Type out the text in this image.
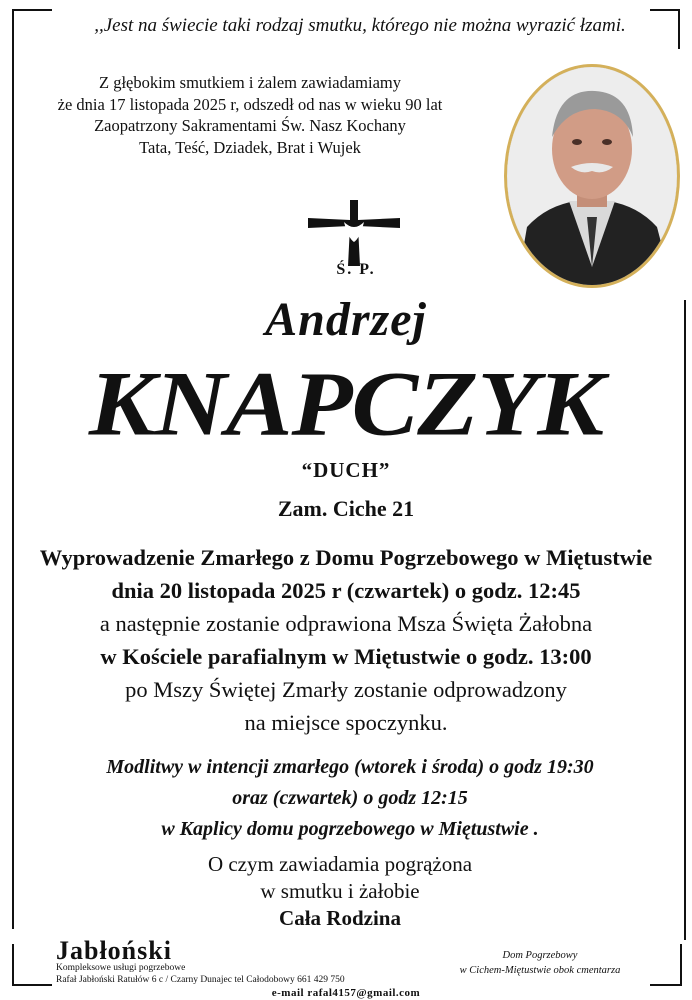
,,Jest na świecie taki rodzaj smutku, którego nie można wyrazić łzami.
Z głębokim smutkiem i żalem zawiadamiamy
że dnia 17 listopada 2025 r, odszedł od nas w wieku 90 lat
Zaopatrzony Sakramentami Św. Nasz Kochany
Tata, Teść, Dziadek, Brat i Wujek
Ś. P.
Andrzej
KNAPCZYK
“DUCH”
Zam. Ciche 21
Wyprowadzenie Zmarłego z Domu Pogrzebowego w Miętustwie
dnia 20 listopada 2025 r (czwartek) o godz. 12:45
a następnie zostanie odprawiona Msza Święta Żałobna
w Kościele parafialnym w Miętustwie o godz. 13:00
po Mszy Świętej Zmarły zostanie odprowadzony
na miejsce spoczynku.
Modlitwy w intencji zmarłego (wtorek i środa) o godz 19:30
oraz (czwartek) o godz 12:15
w Kaplicy domu pogrzebowego w Miętustwie .
O czym zawiadamia pogrążona
w smutku i żałobie
Cała Rodzina
Jabłoński
Kompleksowe usługi pogrzebowe
Rafał Jabłoński Ratułów 6 c / Czarny Dunajec tel Całodobowy 661 429 750
Dom Pogrzebowy
w Cichem-Miętustwie obok cmentarza
e-mail rafal4157@gmail.com
